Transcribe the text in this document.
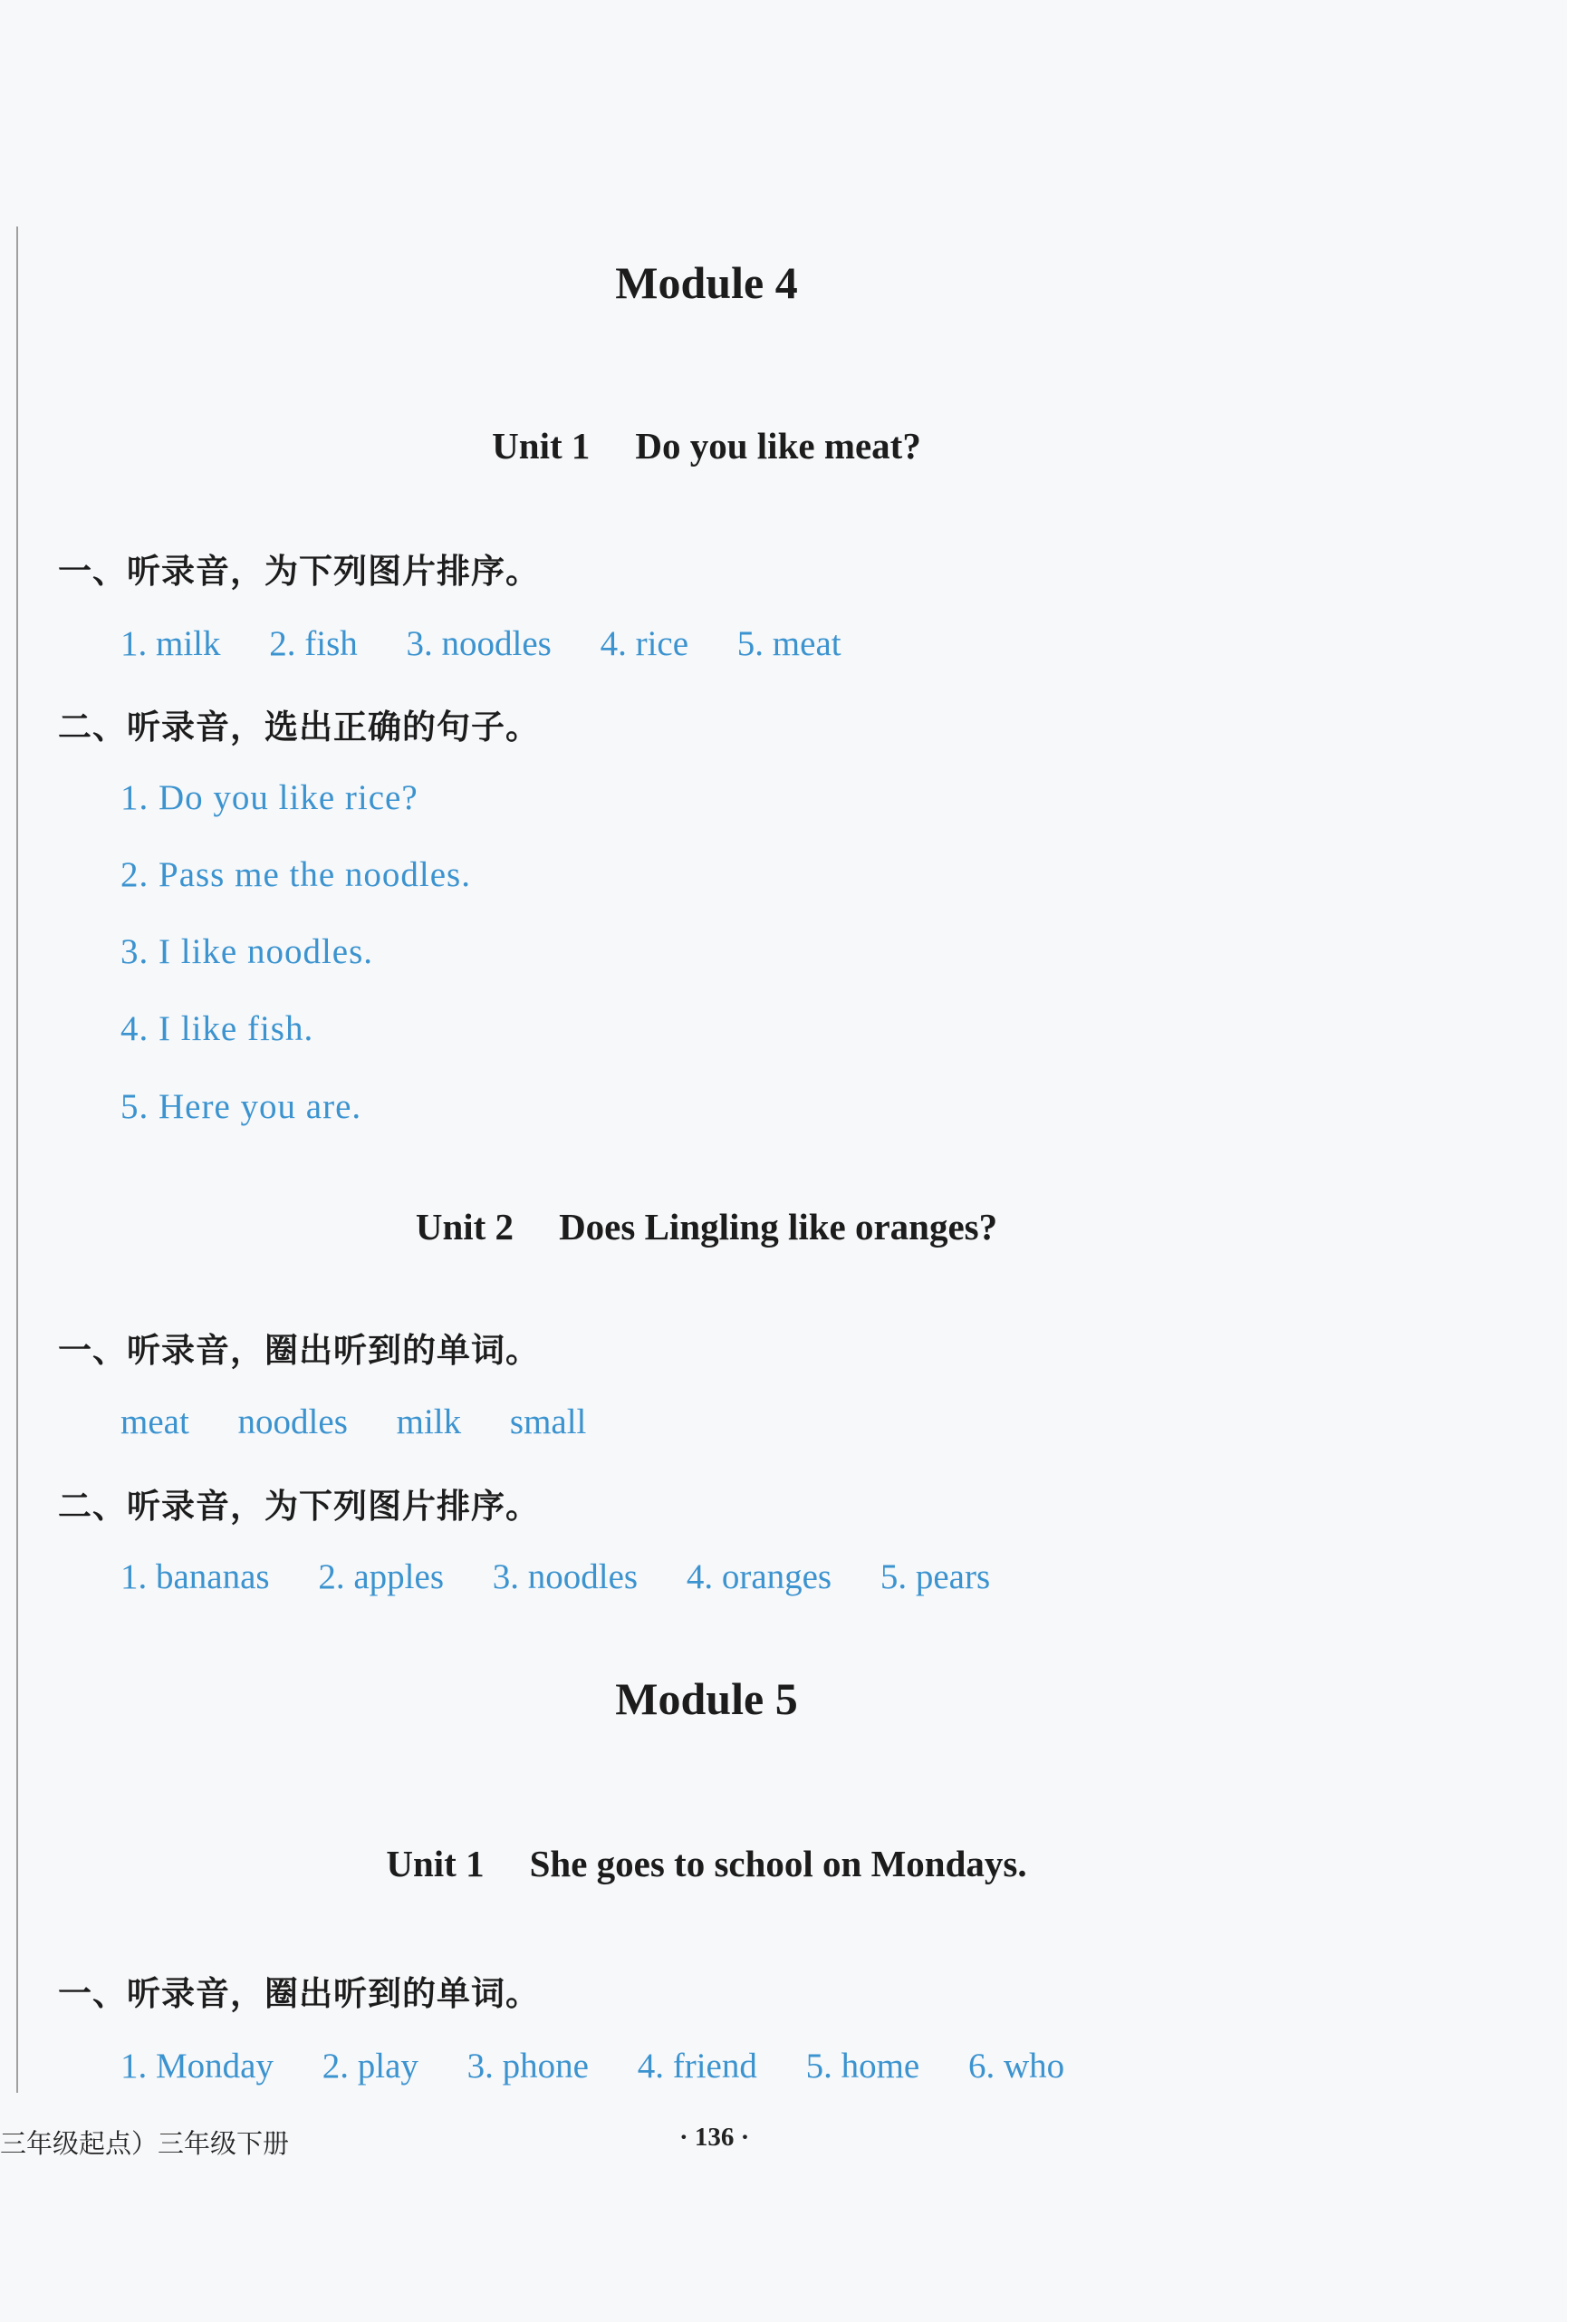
Module 4
Unit 1 Do you like meat?
一、听录音，为下列图片排序。
1. milk 2. fish 3. noodles 4. rice 5. meat
二、听录音，选出正确的句子。
1. Do you like rice?
2. Pass me the noodles.
3. I like noodles.
4. I like fish.
5. Here you are.
Unit 2 Does Lingling like oranges?
一、听录音，圈出听到的单词。
meat noodles milk small
二、听录音，为下列图片排序。
1. bananas 2. apples 3. noodles 4. oranges 5. pears
Module 5
Unit 1 She goes to school on Mondays.
一、听录音，圈出听到的单词。
1. Monday 2. play 3. phone 4. friend 5. home 6. who
三年级起点）三年级下册	· 136 ·
